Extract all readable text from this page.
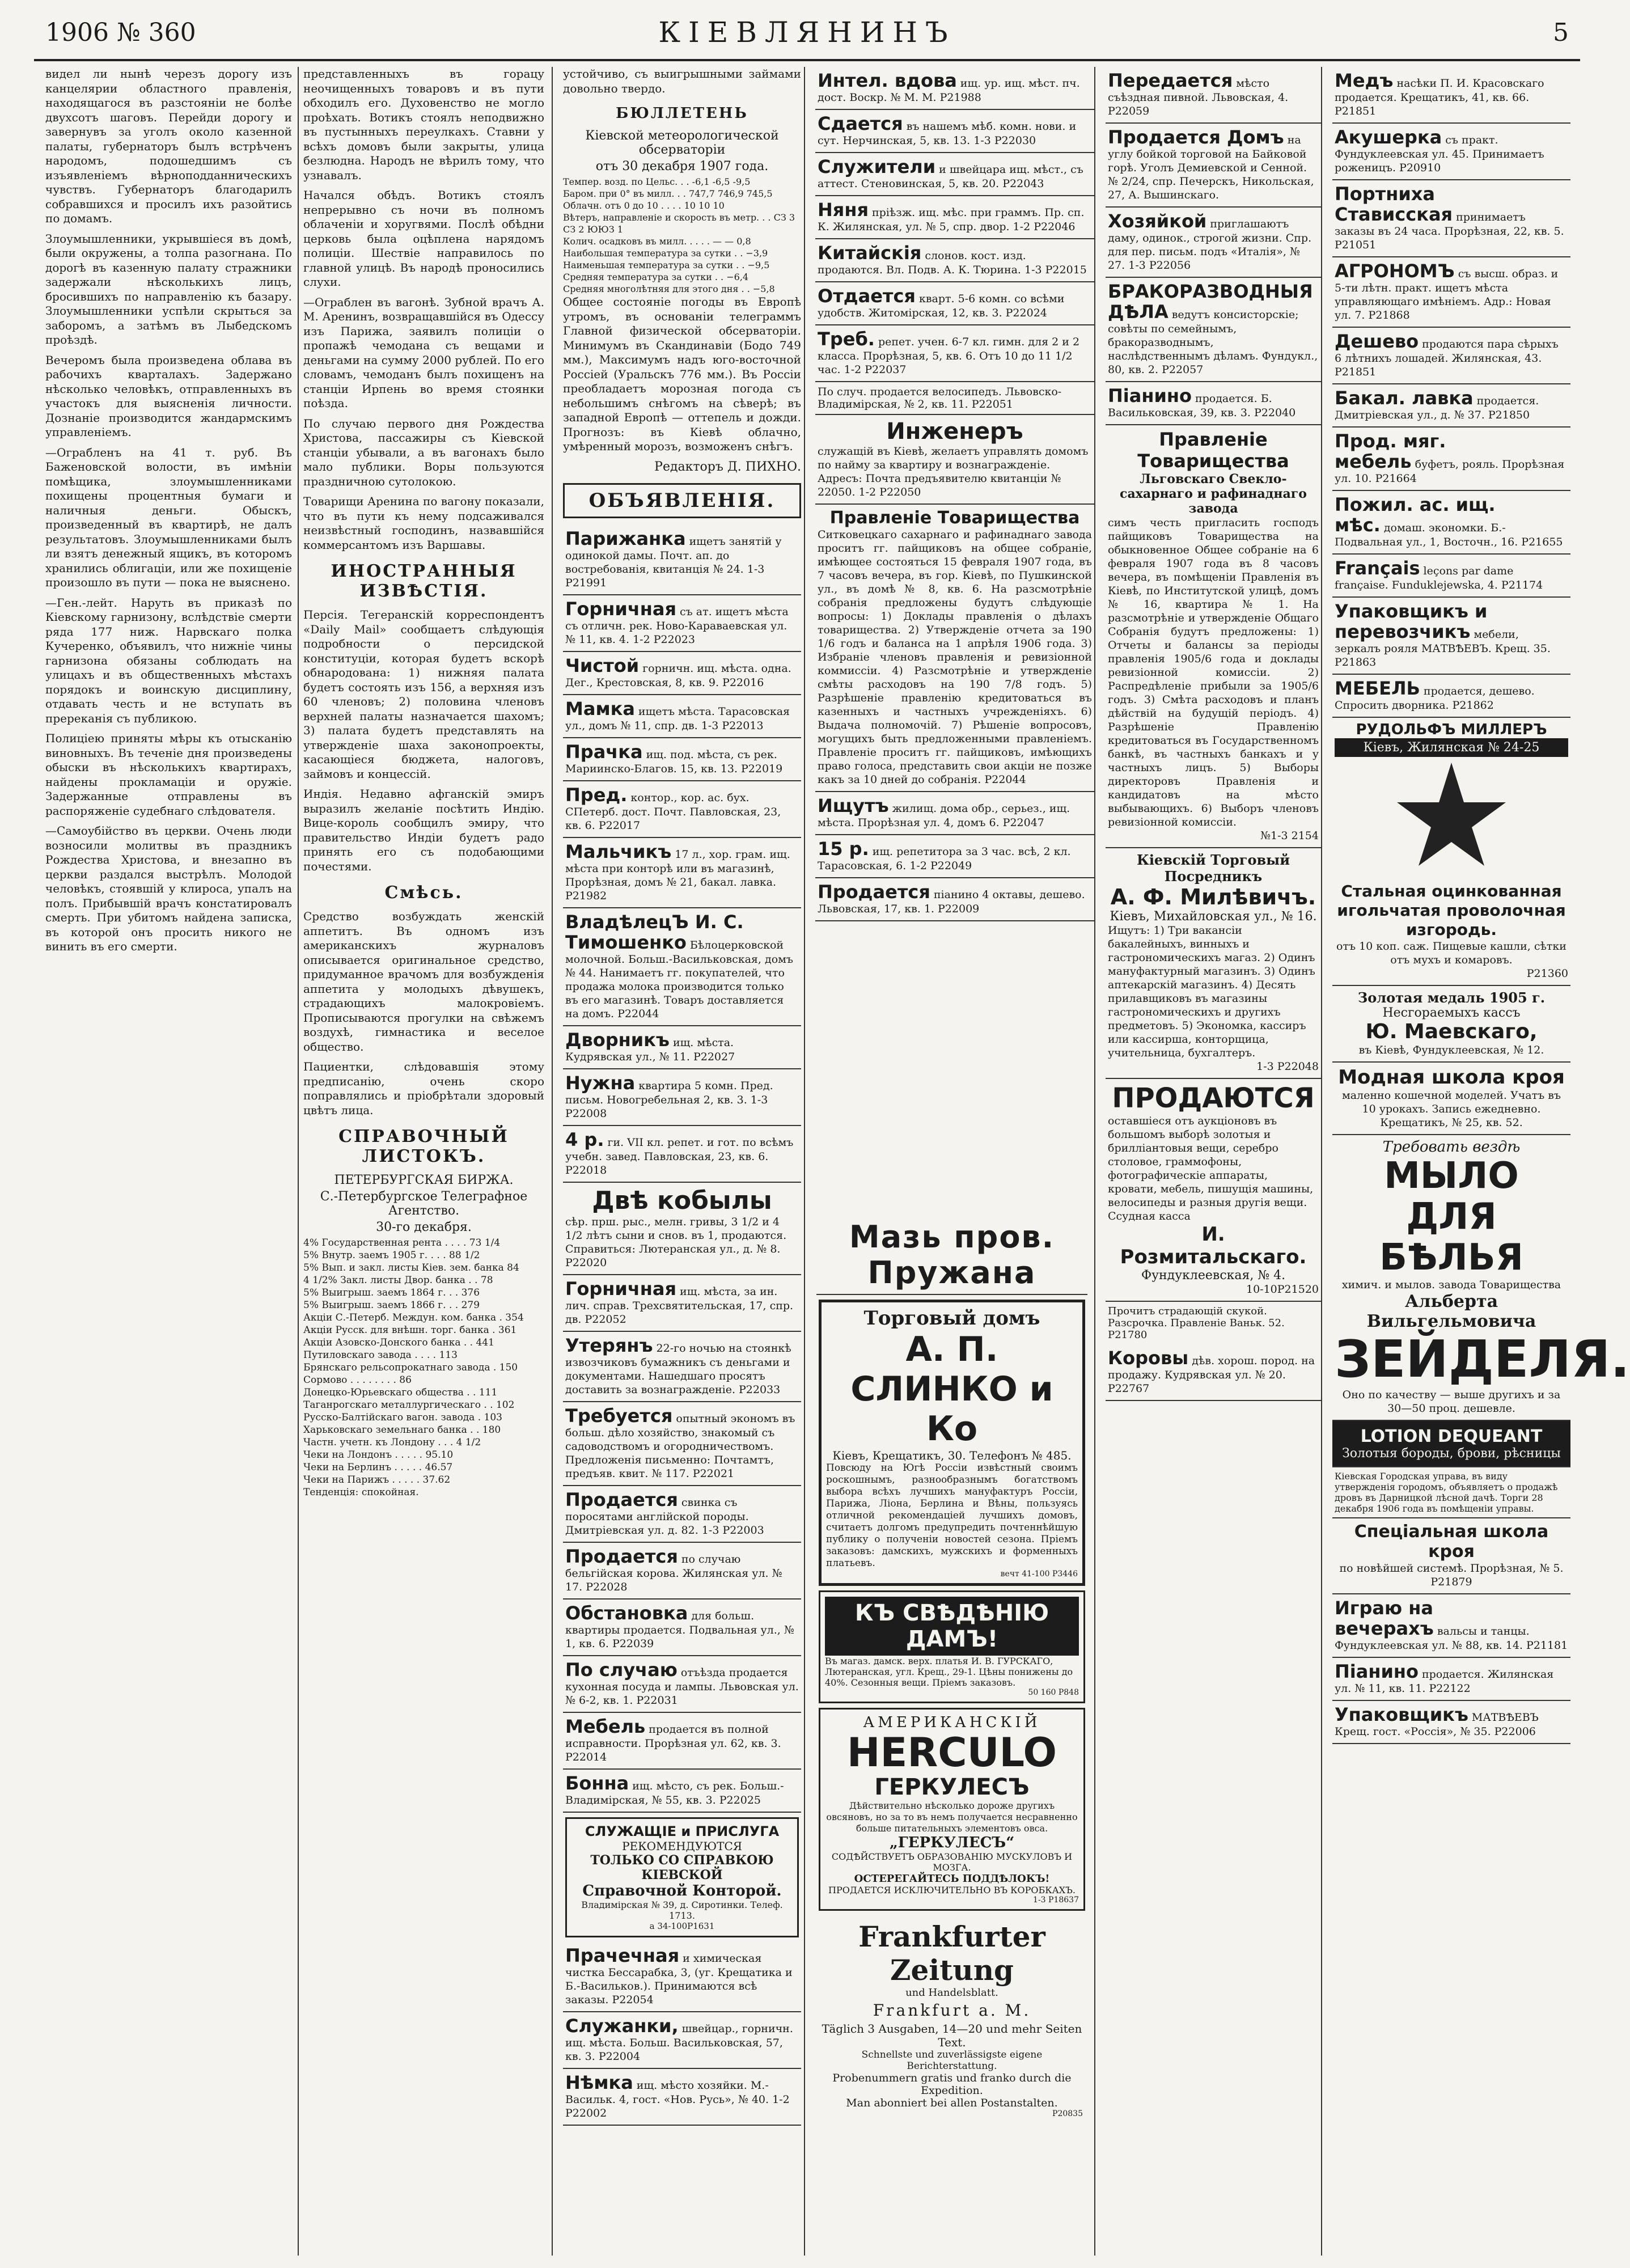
1906 № 360	КІЕВЛЯНИНЪ	5

видел ли нынѣ черезъ дорогу изъ канцелярии областного правленія, находящагося въ разстояніи не болѣе двухсотъ шаговъ. Перейди дорогу и завернувъ за уголъ около казенной палаты, губернаторъ былъ встрѣченъ народомъ, подошедшимъ съ изъявленіемъ вѣрноподданническихъ чувствъ. Губернаторъ благодарилъ собравшихся и просилъ ихъ разойтись по домамъ.

Злоумышленники, укрывшіеся въ домѣ, были окружены, а толпа разогнана. По дорогѣ въ казенную палату стражники задержали нѣсколькихъ лицъ, бросившихъ по направленію къ базару. Злоумышленники успѣли скрыться за заборомъ, а затѣмъ въ Лыбедскомъ проѣздѣ.

Вечеромъ была произведена облава въ рабочихъ кварталахъ. Задержано нѣсколько человѣкъ, отправленныхъ въ участокъ для выясненія личности. Дознаніе производится жандармскимъ управленіемъ.

—Ограбленъ на 41 т. руб. Въ Баженовской волости, въ имѣніи помѣщика, злоумышленниками похищены процентныя бумаги и наличныя деньги. Обыскъ, произведенный въ квартирѣ, не далъ результатовъ. Злоумышленниками былъ ли взятъ денежный ящикъ, въ которомъ хранились облигаціи, или же похищеніе произошло въ пути — пока не выяснено.

—Ген.-лейт. Наруть въ приказѣ по Кіевскому гарнизону, вслѣдствіе смерти ряда 177 ниж. Нарвскаго полка Кучеренко, объявилъ, что нижніе чины гарнизона обязаны соблюдать на улицахъ и въ общественныхъ мѣстахъ порядокъ и воинскую дисциплину, отдавать честь и не вступать въ пререканія съ публикою.

Полиціею приняты мѣры къ отысканію виновныхъ. Въ теченіе дня произведены обыски въ нѣсколькихъ квартирахъ, найдены прокламаціи и оружіе. Задержанные отправлены въ распоряженіе судебнаго слѣдователя.

—Самоубійство въ церкви. Очень люди возносили молитвы въ праздникъ Рождества Христова, и внезапно въ церкви раздался выстрѣлъ. Молодой человѣкъ, стоявшій у клироса, упалъ на полъ. Прибывшій врачъ констатировалъ смерть. При убитомъ найдена записка, въ которой онъ просить никого не винить въ его смерти.

представленныхъ въ горацу неочищенныхъ товаровъ и въ пути обходилъ его. Духовенство не могло проѣхать. Вотикъ стоялъ неподвижно въ пустынныхъ переулкахъ. Ставни у всѣхъ домовъ были закрыты, улица безлюдна. Народъ не вѣрилъ тому, что узнавалъ.

Начался обѣдъ. Вотикъ стоялъ непрерывно съ ночи въ полномъ облаченіи и хоругвями. Послѣ обѣдни церковь была оцѣплена нарядомъ полиціи. Шествіе направилось по главной улицѣ. Въ народѣ проносились слухи.

—Ограблен въ вагонѣ. Зубной врачъ А. М. Аренинъ, возвращавшійся въ Одессу изъ Парижа, заявилъ полиціи о пропажѣ чемодана съ вещами и деньгами на сумму 2000 рублей. По его словамъ, чемоданъ былъ похищенъ на станціи Ирпень во время стоянки поѣзда.

По случаю первого дня Рождества Христова, пассажиры съ Кіевской станціи убывали, а въ вагонахъ было мало публики. Воры пользуются праздничною сутолокою.

Товарищи Аренина по вагону показали, что въ пути къ нему подсаживался неизвѣстный господинъ, назвавшійся коммерсантомъ изъ Варшавы.

ИНОСТРАННЫЯ ИЗВѢСТІЯ.

Персія. Тегеранскій корреспондентъ «Daily Mail» сообщаетъ слѣдующія подробности о персидской конституціи, которая будетъ вскорѣ обнародована: 1) нижняя палата будетъ состоять изъ 156, а верхняя изъ 60 членовъ; 2) половина членовъ верхней палаты назначается шахомъ; 3) палата будетъ представлять на утвержденіе шаха законопроекты, касающіеся бюджета, налоговъ, займовъ и концессій.

Индія. Недавно афганскій эмиръ выразилъ желаніе посѣтить Индію. Вице-король сообщилъ эмиру, что правительство Индіи будетъ радо принять его съ подобающими почестями.

Смѣсь.

Средство возбуждать женскій аппетитъ. Въ одномъ изъ американскихъ журналовъ описывается оригинальное средство, придуманное врачомъ для возбужденія аппетита у молодыхъ дѣвушекъ, страдающихъ малокровіемъ. Прописываются прогулки на свѣжемъ воздухѣ, гимнастика и веселое общество.

Пациентки, слѣдовавшія этому предписанію, очень скоро поправлялись и пріобрѣтали здоровый цвѣтъ лица.

СПРАВОЧНЫЙ ЛИСТОКЪ.
ПЕТЕРБУРГСКАЯ БИРЖА.
С.-Петербургское Телеграфное Агентство.
30-го декабря.
4% Государственная рента . . . . 73 1/4
5% Внутр. заемъ 1905 г. . . . 88 1/2
5% Вып. и закл. листы Кіев. зем. банка 84
4 1/2% Закл. листы Двор. банка . . 78
5% Выигрыш. заемъ 1864 г. . . 376
5% Выигрыш. заемъ 1866 г. . . 279
Акціи С.-Петерб. Междун. ком. банка . 354
Акціи Русск. для внѣшн. торг. банка . 361
Акціи Азовско-Донского банка . . 441
Путиловскаго завода . . . . 113
Брянскаго рельсопрокатнаго завода . 150
Сормово . . . . . . . . 86
Донецко-Юрьевскаго общества . . 111
Таганрогскаго металлургическаго . . 102
Русско-Балтійскаго вагон. завода . 103
Харьковскаго земельнаго банка . . 180
Частн. учетн. къ Лондону . . . 4 1/2
Чеки на Лондонъ . . . . . 95.10
Чеки на Берлинъ . . . . . 46.57
Чеки на Парижъ . . . . . 37.62
Тенденція: спокойная.

устойчиво, съ выигрышными займами довольно твердо.

БЮЛЛЕТЕНЬ
Кіевской метеорологической обсерваторіи
отъ 30 декабря 1907 года.
Темпер. возд. по Цельс. . . -6,1 -6,5 -9,5
Баром. при 0° въ милл. . . 747,7 746,9 745,5
Облачн. отъ 0 до 10 . . . . 10 10 10
Вѣтеръ, направленіе и скорость въ метр. . . СЗ 3 СЗ 2 ЮЮЗ 1
Колич. осадковъ въ милл. . . . . — — 0,8
Наибольшая температура за сутки . . −3,9
Наименьшая температура за сутки . . −9,5
Средняя температура за сутки . . −6,4
Средняя многолѣтняя для этого дня . . −5,8

Общее состояніе погоды въ Европѣ утромъ, въ основаніи телеграммъ Главной физической обсерваторіи. Минимумъ въ Скандинавіи (Бодо 749 мм.), Максимумъ надъ юго-восточной Россіей (Уральскъ 776 мм.). Въ Россіи преобладаетъ морозная погода съ небольшимъ снѣгомъ на сѣверѣ; въ западной Европѣ — оттепель и дожди. Прогнозъ: въ Кіевѣ облачно, умѣренный морозъ, возможенъ снѣгъ.

Редакторъ Д. ПИХНО.
ОБЪЯВЛЕНІЯ.
Парижанка ищетъ занятій у одинокой дамы. Почт. ап. до востребованія, квитанція № 24. 1-3 Р21991
Горничная съ ат. ищетъ мѣста съ отличн. рек. Ново-Караваевская ул. № 11, кв. 4. 1-2 Р22023
Чистой горничн. ищ. мѣста. одна. Дег., Крестовская, 8, кв. 9. Р22016
Мамка ищетъ мѣста. Тарасовская ул., домъ № 11, спр. дв. 1-3 Р22013
Прачка ищ. под. мѣста, съ рек. Мариинско-Благов. 15, кв. 13. Р22019
Пред. контор., кор. ас. бух. СПетерб. дост. Почт. Павловская, 23, кв. 6. Р22017
Мальчикъ 17 л., хор. грам. ищ. мѣста при конторѣ или въ магазинѣ, Прорѣзная, домъ № 21, бакал. лавка. Р21982
ВладѣлецЪ И. С. Тимошенко Бѣлоцерковской молочной. Больш.-Васильковская, домъ № 44. Нанимаетъ гг. покупателей, что продажа молока производится только въ его магазинѣ. Товаръ доставляется на домъ. Р22044
Дворникъ ищ. мѣста. Кудрявская ул., № 11. Р22027
Нужна квартира 5 комн. Пред. письм. Новогребельная 2, кв. 3. 1-3 Р22008
4 р. ги. VII кл. репет. и гот. по всѣмъ учебн. завед. Павловская, 23, кв. 6. Р22018
Двѣ кобылы
сѣр. прш. рыс., мелн. гривы, 3 1/2 и 4 1/2 лѣтъ сыни и снов. въ 1, продаются. Справиться: Лютеранская ул., д. № 8. Р22020
Горничная ищ. мѣста, за ин. лич. справ. Трехсвятительская, 17, спр. дв. Р22052
Утерянъ 22-го ночью на стоянкѣ извозчиковъ бумажникъ съ деньгами и документами. Нашедшаго просятъ доставить за вознагражденіе. Р22033
Требуется опытный экономъ въ больш. дѣло хозяйство, знакомый съ садоводствомъ и огородничествомъ. Предложенія письменно: Почтамтъ, предъяв. квит. № 117. Р22021
Продается свинка съ поросятами англійской породы. Дмитріевская ул. д. 82. 1-3 Р22003
Продается по случаю бельгійская корова. Жилянская ул. № 17. Р22028
Обстановка для больш. квартиры продается. Подвальная ул., № 1, кв. 6. Р22039
По случаю отъѣзда продается кухонная посуда и лампы. Львовская ул. № 6-2, кв. 1. Р22031
Мебель продается въ полной исправности. Прорѣзная ул. 62, кв. 3. Р22014
Бонна ищ. мѣсто, съ рек. Больш.-Владимірская, № 55, кв. 3. Р22025
СЛУЖАЩІЕ и ПРИСЛУГА
РЕКОМЕНДУЮТСЯ
ТОЛЬКО СО СПРАВКОЮ
КІЕВСКОЙ
Справочной Конторой.
Владимірская № 39, д. Сиротинки. Телеф. 1713.
а 34-100Р1631
Прачечная и химическая чистка Бессарабка, 3, (уг. Крещатика и Б.-Васильков.). Принимаются всѣ заказы. Р22054
Служанки, швейцар., горничн. ищ. мѣста. Больш. Васильковская, 57, кв. 3. Р22004
Нѣмка ищ. мѣсто хозяйки. М.-Васильк. 4, гост. «Нов. Русь», № 40. 1-2 Р22002
Интел. вдова ищ. ур. ищ. мѣст. пч. дост. Воскр. № М. М. Р21988
Сдается въ нашемъ мѣб. комн. нови. и сут. Нерчинская, 5, кв. 13. 1-3 Р22030
Служители и швейцара ищ. мѣст., съ аттест. Стеновинская, 5, кв. 20. Р22043
Няня пріѣзж. ищ. мѣс. при граммъ. Пр. сп. К. Жилянская, ул. № 5, спр. двор. 1-2 Р22046
Китайскія слонов. кост. изд. продаются. Вл. Подв. А. К. Тюрина. 1-3 Р22015
Отдается кварт. 5-6 комн. со всѣми удобств. Житомірская, 12, кв. 3. Р22024
Треб. репет. учен. 6-7 кл. гимн. для 2 и 2 класса. Прорѣзная, 5, кв. 6. Отъ 10 до 11 1/2 час. 1-2 Р22037
По случ. продается велосипедъ. Львовско-Владимірская, № 2, кв. 11. Р22051
Инженеръ
служащій въ Кіевѣ, желаетъ управлять домомъ по найму за квартиру и вознагражденіе. Адресъ: Почта предъявителю квитанціи № 22050. 1-2 Р22050
Правленіе Товарищества
Ситковецкаго сахарнаго и рафинаднаго завода проситъ гг. пайщиковъ на общее собраніе, имѣющее состояться 15 февраля 1907 года, въ 7 часовъ вечера, въ гор. Кіевѣ, по Пушкинской ул., въ домѣ № 8, кв. 6. На разсмотрѣніе собранія предложены будутъ слѣдующіе вопросы: 1) Доклады правленія о дѣлахъ товарищества. 2) Утвержденіе отчета за 190 1/6 годъ и баланса на 1 апрѣля 1906 года. 3) Избраніе членовъ правленія и ревизіонной коммиссіи. 4) Разсмотрѣніе и утвержденіе смѣты расходовъ на 190 7/8 годъ. 5) Разрѣшеніе правленію кредитоваться въ казенныхъ и частныхъ учрежденіяхъ. 6) Выдача полномочій. 7) Рѣшеніе вопросовъ, могущихъ быть предложенными правленіемъ. Правленіе проситъ гг. пайщиковъ, имѣющихъ право голоса, представить свои акціи не позже какъ за 10 дней до собранія. Р22044
Ищутъ жилищ. дома обр., серьез., ищ. мѣста. Прорѣзная ул. 4, домъ 6. Р22047
15 р. ищ. репетитора за 3 час. всѣ, 2 кл. Тарасовская, 6. 1-2 Р22049
Продается піанино 4 октавы, дешево. Львовская, 17, кв. 1. Р22009
Передается мѣсто съѣздная пивной. Львовская, 4. Р22059
Продается Домъ на углу бойкой торговой на Байковой горѣ. Уголъ Демиевской и Сенной. № 2/24, спр. Печерскъ, Никольская, 27, А. Вышинскаго.
Хозяйкой приглашаютъ даму, одинок., строгой жизни. Спр. для пер. письм. подъ «Италія», № 27. 1-3 Р22056
БРАКОРАЗВОДНЫЯ ДѢЛА ведутъ консисторскіе; совѣты по семейнымъ, бракоразводнымъ, наслѣдственнымъ дѣламъ. Фундукл., 80, кв. 2. Р22057
Піанино продается. Б. Васильковская, 39, кв. 3. Р22040
Правленіе Товарищества
Льговскаго Свекло-сахарнаго и рафинаднаго завода
симъ честь пригласить господъ пайщиковъ Товарищества на обыкновенное Общее собраніе на 6 февраля 1907 года въ 8 часовъ вечера, въ помѣщеніи Правленія въ Кіевѣ, по Институтской улицѣ, домъ № 16, квартира № 1. На разсмотрѣніе и утвержденіе Общаго Собранія будутъ предложены: 1) Отчеты и балансы за періоды правленія 1905/6 года и доклады ревизіонной комиссіи. 2) Распредѣленіе прибыли за 1905/6 годъ. 3) Смѣта расходовъ и планъ дѣйствій на будущій періодъ. 4) Разрѣшеніе Правленію кредитоваться въ Государственномъ банкѣ, въ частныхъ банкахъ и у частныхъ лицъ. 5) Выборы директоровъ Правленія и кандидатовъ на мѣсто выбывающихъ. 6) Выборъ членовъ ревизіонной комиссіи.
№1-3 2154
Кіевскій Торговый Посредникъ
А. Ф. Милѣвичъ.
Кіевъ, Михайловская ул., № 16.
Ищутъ: 1) Три вакансіи бакалейныхъ, винныхъ и гастрономическихъ магаз. 2) Одинъ мануфактурный магазинъ. 3) Одинъ аптекарскій магазинъ. 4) Десять прилавщиковъ въ магазины гастрономическихъ и другихъ предметовъ. 5) Экономка, кассиръ или кассирша, конторщица, учительница, бухгалтеръ.
1-3 Р22048
ПРОДАЮТСЯ
оставшіеся отъ аукціоновъ въ большомъ выборѣ золотыя и бриллiантовыя вещи, серебро столовое, граммофоны, фотографическіе аппараты, кровати, мебель, пишущія машины, велосипеды и разныя другія вещи. Ссудная касса
И. Розмитальскаго.
Фундуклеевская, № 4.
10-10Р21520
Прочитъ страдающій скукой. Разсрочка. Правленіе Ваньк. 52. Р21780
Коровы дѣв. хорош. пород. на продажу. Кудрявская ул. № 20. Р22767
Медъ насѣки П. И. Красовскаго продается. Крещатикъ, 41, кв. 66. Р21851
Акушерка съ практ. Фундуклеевская ул. 45. Принимаетъ роженицъ. Р20910
Портниха Стависская принимаетъ заказы въ 24 часа. Прорѣзная, 22, кв. 5. Р21051
АГРОНОМЪ съ высш. образ. и 5-ти лѣтн. практ. ищетъ мѣста управляющаго имѣніемъ. Адр.: Новая ул. 7. Р21868
Дешево продаются пара сѣрыхъ 6 лѣтнихъ лошадей. Жилянская, 43. Р21851
Бакал. лавка продается. Дмитріевская ул., д. № 37. Р21850
Прод. мяг. мебель буфетъ, рояль. Прорѣзная ул. 10. Р21664
Пожил. ас. ищ. мѣс. домаш. экономки. Б.-Подвальная ул., 1, Восточн., 16. Р21655
Français leçons par dame française. Funduklejewska, 4. Р21174
Упаковщикъ и перевозчикъ мебели, зеркалъ рояля МАТВѢЕВЪ. Крещ. 35. Р21863
МЕБЕЛЬ продается, дешево. Спросить дворника. Р21862
РУДОЛЬФЪ МИЛЛЕРЪ
Кіевъ, Жилянская № 24-25
Стальная оцинкованная игольчатая проволочная изгородь.
отъ 10 коп. саж. Пищевые кашли, сѣтки отъ мухъ и комаровъ.
Р21360
Золотая медаль 1905 г.
Несгораемыхъ кассъ
Ю. Маевскаго,
въ Кіевѣ, Фундуклеевская, № 12.
Модная школа кроя
маленно кошечной моделей. Учатъ въ 10 урокахъ. Запись ежедневно. Крещатикъ, № 25, кв. 52.
Требовать вездѣ
МЫЛО ДЛЯ БѢЛЬЯ
химич. и мылов. завода Товарищества
Альберта Вильгельмовича
ЗЕЙДЕЛЯ.
Оно по качеству — выше другихъ и за 30—50 проц. дешевле.
LOTION DEQUEANT
Золотыя бороды, брови, рѣсницы
Кіевская Городская управа, въ виду утвержденія городомъ, объявляетъ о продажѣ дровъ въ Дарницкой лѣсной дачѣ. Торги 28 декабря 1906 года въ помѣщеніи управы.
Спеціальная школа кроя
по новѣйшей системѣ. Прорѣзная, № 5. Р21879
Играю на вечерахъ вальсы и танцы. Фундуклеевская ул. № 88, кв. 14. Р21181
Піанино продается. Жилянская ул. № 11, кв. 11. Р22122
Упаковщикъ МАТВѢЕВЪ Крещ. гост. «Россія», № 35. Р22006
Мазь пров. Пружана
Торговый домъ
А. П. СЛИНКО и Ко
Кіевъ, Крещатикъ, 30. Телефонъ № 485.
Повсюду на Югѣ Россіи извѣстный своимъ роскошнымъ, разнообразнымъ богатствомъ выбора всѣхъ лучшихъ мануфактуръ Россіи, Парижа, Ліона, Берлина и Вѣны, пользуясь отличной рекомендаціей лучшихъ домовъ, считаетъ долгомъ предупредить почтеннѣйшую публику о полученіи новостей сезона. Пріемъ заказовъ: дамскихъ, мужскихъ и форменныхъ платьевъ.
вечт 41-100 Р3446
КЪ СВѢДѢНІЮ ДАМЪ!
Въ магаз. дамск. верх. платья И. В. ГУРСКАГО, Лютеранская, угл. Крещ., 29-1. Цѣны понижены до 40%. Сезонныя вещи. Пріемъ заказовъ.
50 160 Р848
АМЕРИКАНСКІЙ
HERCULO
ГЕРКУЛЕСЪ
Дѣйствительно нѣсколько дороже другихъ овсяновъ, но за то въ немъ получается несравненно больше питательныхъ элементовъ овса.
„ГЕРКУЛЕСЪ“
СОДѢЙСТВУЕТЪ ОБРАЗОВАНІЮ МУСКУЛОВЪ И МОЗГА.
ОСТЕРЕГАЙТЕСЬ ПОДДѢЛОКЪ!
ПРОДАЕТСЯ ИСКЛЮЧИТЕЛЬНО ВЪ КОРОБКАХЪ.
1-3 Р18637
Frankfurter Zeitung
und Handelsblatt.
Frankfurt a. M.
Täglich 3 Ausgaben, 14—20 und mehr Seiten Text.
Schnellste und zuverlässigste eigene Berichterstattung.
Probenummern gratis und franko durch die Expedition.
Man abonniert bei allen Postanstalten.
Р20835
